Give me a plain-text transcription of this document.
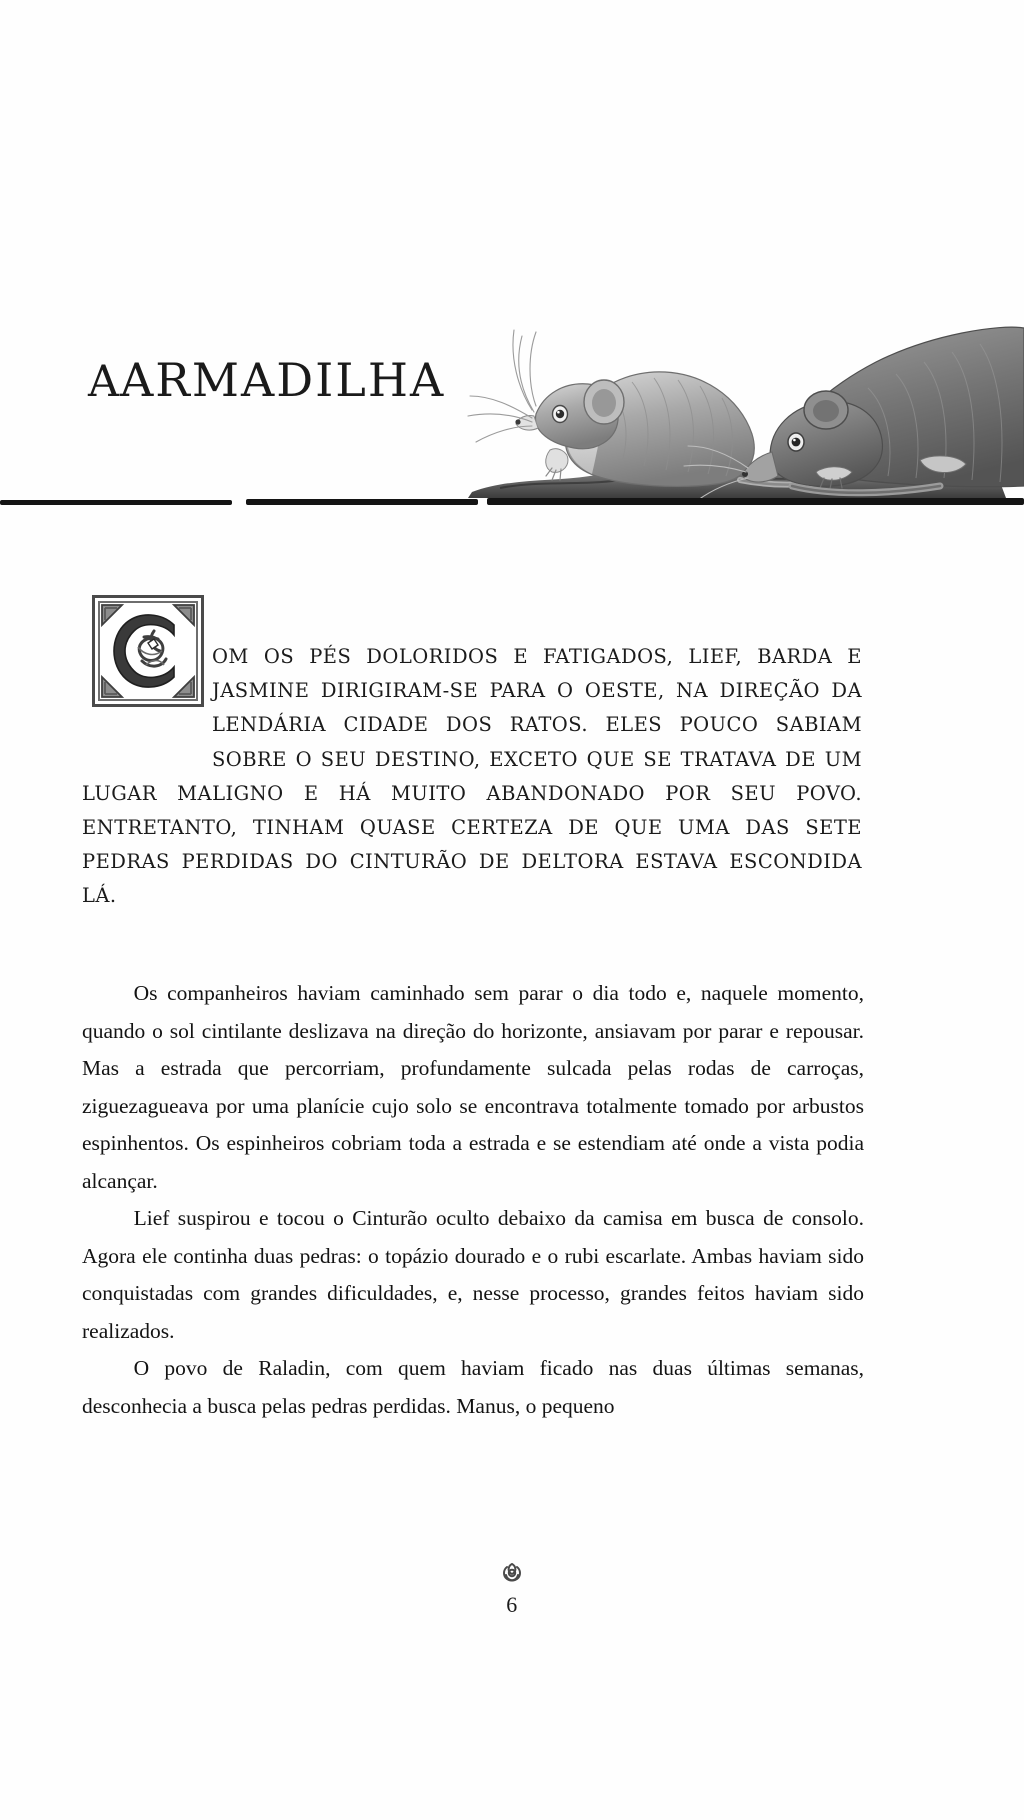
aARMADILHA
OM OS PÉS DOLORIDOS E FATIGADOS, LIEF, BARDA E JASMINE DIRIGIRAM-SE PARA O OESTE, NA DIREÇÃO DA LENDÁRIA CIDADE DOS RATOS. ELES POUCO SABIAM SOBRE O SEU DESTINO, EXCETO QUE SE TRATAVA DE UM LUGAR MALIGNO E HÁ MUITO ABANDONADO POR SEU POVO. ENTRETANTO, TINHAM QUASE CERTEZA DE QUE UMA DAS SETE PEDRAS PERDIDAS DO CINTURÃO DE DELTORA ESTAVA ESCONDIDA LÁ.

Os companheiros haviam caminhado sem parar o dia todo e, naquele momento, quando o sol cintilante deslizava na direção do horizonte, ansiavam por parar e repousar. Mas a estrada que percorriam, profundamente sulcada pelas rodas de carroças, ziguezagueava por uma planície cujo solo se encontrava totalmente tomado por arbustos espinhentos. Os espinheiros cobriam toda a estrada e se estendiam até onde a vista podia alcançar.

Lief suspirou e tocou o Cinturão oculto debaixo da camisa em busca de consolo. Agora ele continha duas pedras: o topázio dourado e o rubi escarlate. Ambas haviam sido conquistadas com grandes dificuldades, e, nesse processo, grandes feitos haviam sido realizados.

O povo de Raladin, com quem haviam ficado nas duas últimas semanas, desconhecia a busca pelas pedras perdidas. Manus, o pequeno

6
